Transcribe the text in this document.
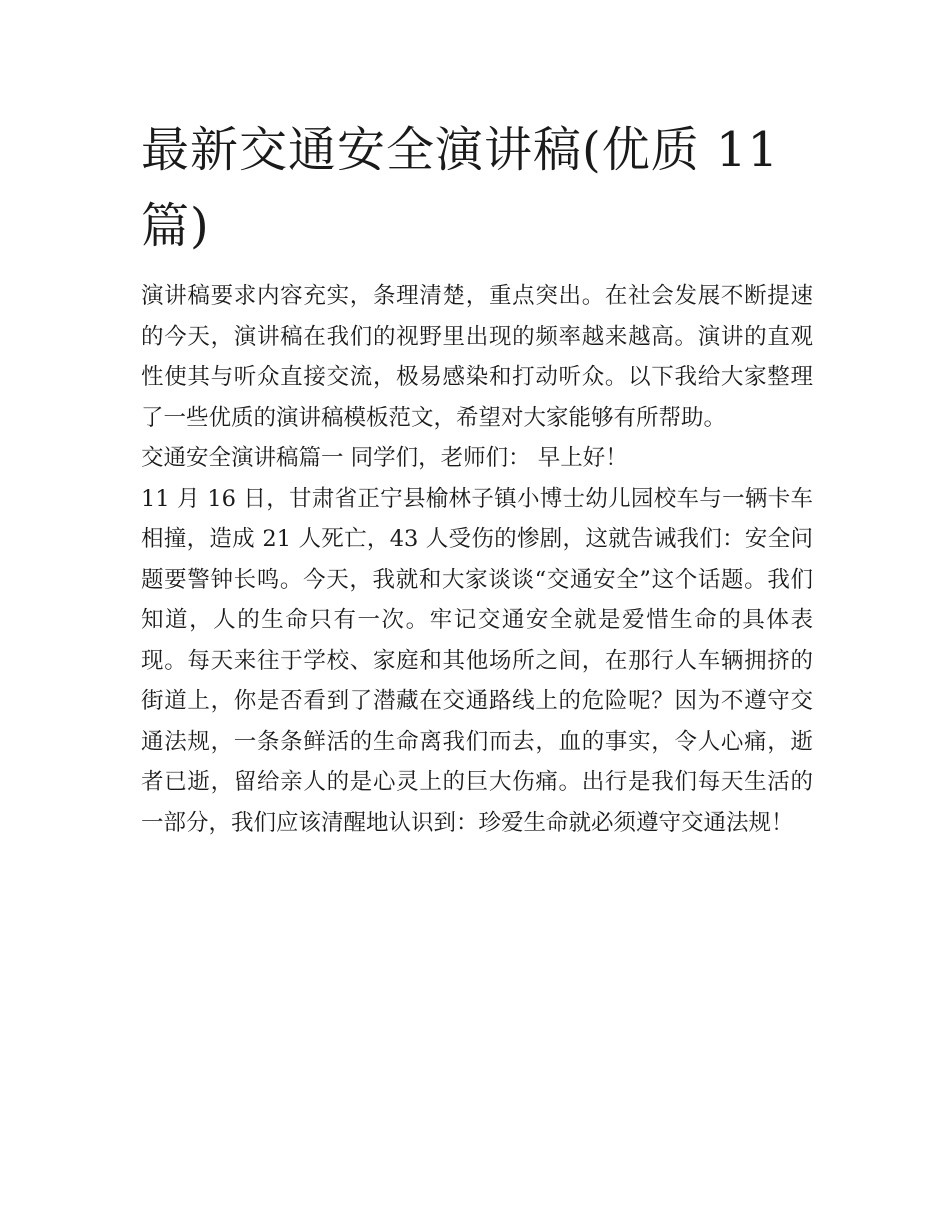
最新交通安全演讲稿(优质 11 篇)

演讲稿要求内容充实，条理清楚，重点突出。在社会发展不断提速的今天，演讲稿在我们的视野里出现的频率越来越高。演讲的直观性使其与听众直接交流，极易感染和打动听众。以下我给大家整理了一些优质的演讲稿模板范文，希望对大家能够有所帮助。

交通安全演讲稿篇一 同学们，老师们： 早上好！

11 月 16 日，甘肃省正宁县榆林子镇小博士幼儿园校车与一辆卡车相撞，造成 21 人死亡，43 人受伤的惨剧，这就告诫我们：安全问题要警钟长鸣。今天，我就和大家谈谈“交通安全”这个话题。我们知道，人的生命只有一次。牢记交通安全就是爱惜生命的具体表现。每天来往于学校、家庭和其他场所之间，在那行人车辆拥挤的街道上，你是否看到了潜藏在交通路线上的危险呢？因为不遵守交通法规，一条条鲜活的生命离我们而去，血的事实，令人心痛，逝者已逝，留给亲人的是心灵上的巨大伤痛。出行是我们每天生活的一部分，我们应该清醒地认识到：珍爱生命就必须遵守交通法规！
